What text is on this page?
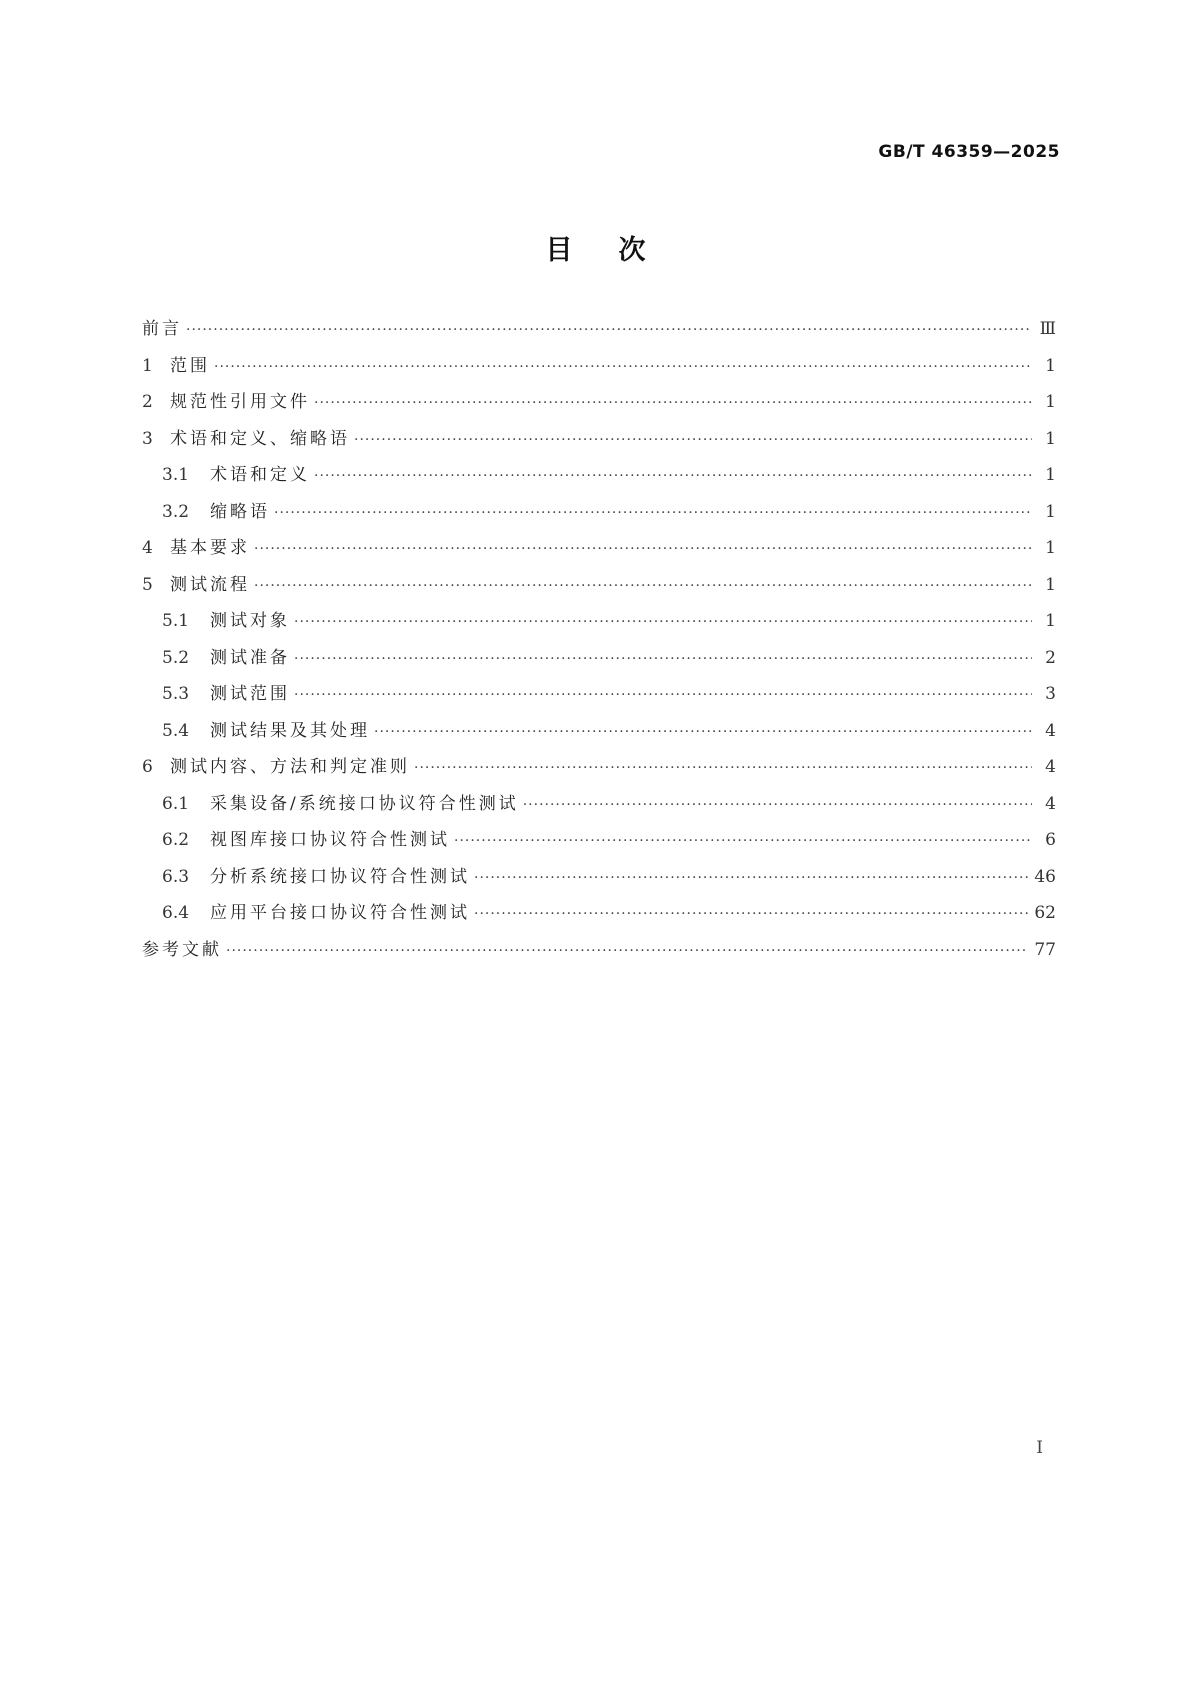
GB/T 46359—2025
目次
前言 ·····	Ⅲ
1	范围 ·····	1
2	规范性引用文件 ·····	1
3	术语和定义、缩略语 ·····	1
3.1	术语和定义 ·····	1
3.2	缩略语 ·····	1
4	基本要求 ·····	1
5	测试流程 ·····	1
5.1	测试对象 ·····	1
5.2	测试准备 ·····	2
5.3	测试范围 ·····	3
5.4	测试结果及其处理 ·····	4
6	测试内容、方法和判定准则 ·····	4
6.1	采集设备/系统接口协议符合性测试 ·····	4
6.2	视图库接口协议符合性测试 ·····	6
6.3	分析系统接口协议符合性测试 ·····	46
6.4	应用平台接口协议符合性测试 ·····	62
参考文献 ·····	77
I
